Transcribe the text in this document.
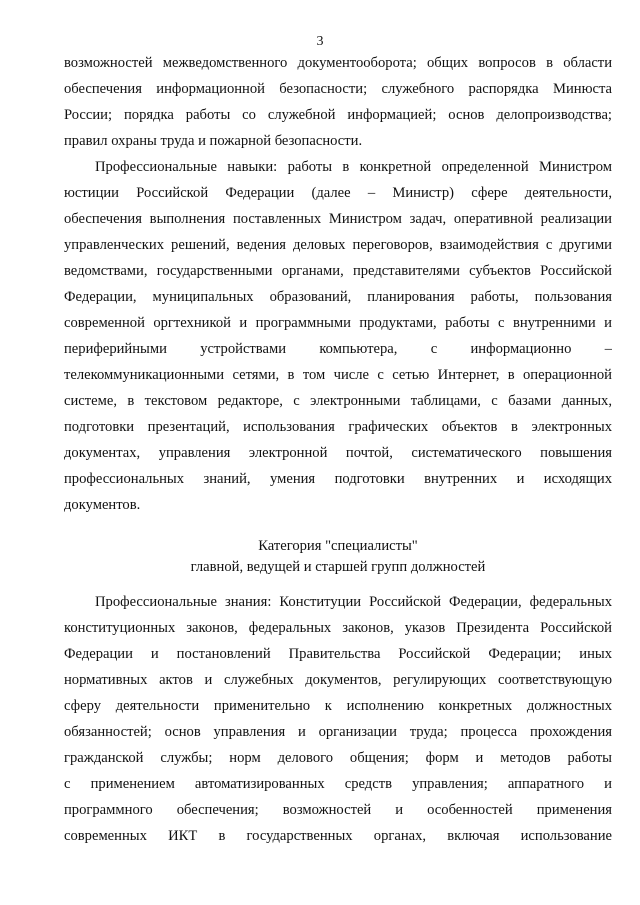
3
возможностей межведомственного документооборота; общих вопросов в области
обеспечения информационной безопасности; служебного распорядка Минюста
России; порядка работы со служебной информацией; основ делопроизводства;
правил охраны труда и пожарной безопасности.
Профессиональные навыки: работы в конкретной определенной Министром
юстиции Российской Федерации (далее – Министр) сфере деятельности,
обеспечения выполнения поставленных Министром задач, оперативной реализации
управленческих решений, ведения деловых переговоров, взаимодействия с другими
ведомствами, государственными органами, представителями субъектов Российской
Федерации, муниципальных образований, планирования работы, пользования
современной оргтехникой и программными продуктами, работы с внутренними и
периферийными устройствами компьютера, с информационно –
телекоммуникационными сетями, в том числе с сетью Интернет, в операционной
системе, в текстовом редакторе, с электронными таблицами, с базами данных,
подготовки презентаций, использования графических объектов в электронных
документах, управления электронной почтой, систематического повышения
профессиональных знаний, умения подготовки внутренних и исходящих
документов.
Категория "специалисты"
главной, ведущей и старшей групп должностей
Профессиональные знания: Конституции Российской Федерации, федеральных
конституционных законов, федеральных законов, указов Президента Российской
Федерации и постановлений Правительства Российской Федерации; иных
нормативных актов и служебных документов, регулирующих соответствующую
сферу деятельности применительно к исполнению конкретных должностных
обязанностей; основ управления и организации труда; процесса прохождения
гражданской службы; норм делового общения; форм и методов работы
с применением автоматизированных средств управления; аппаратного и
программного обеспечения; возможностей и особенностей применения
современных ИКТ в государственных органах, включая использование
